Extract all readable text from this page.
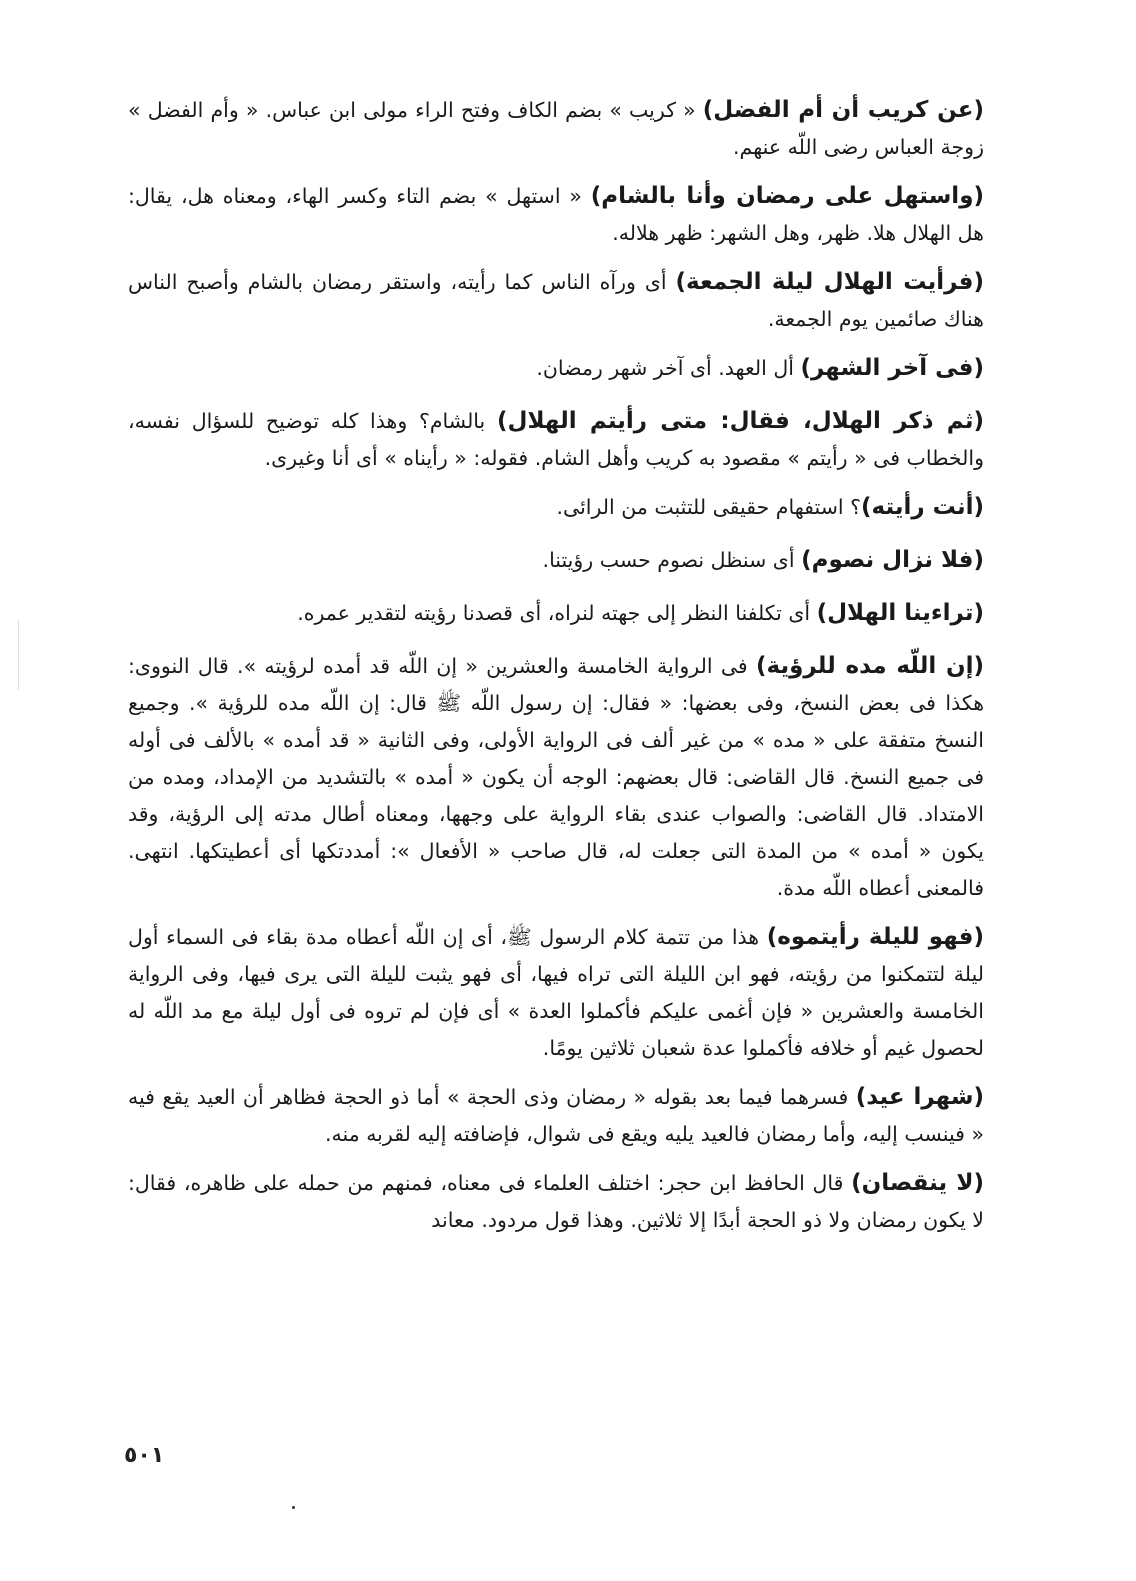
(عن كريب أن أم الفضل) « كريب » بضم الكاف وفتح الراء مولى ابن عباس. « وأم الفضل » زوجة العباس رضى اللّه عنهم.

(واستهل على رمضان وأنا بالشام) « استهل » بضم التاء وكسر الهاء، ومعناه هل، يقال: هل الهلال هلا. ظهر، وهل الشهر: ظهر هلاله.

(فرأيت الهلال ليلة الجمعة) أى ورآه الناس كما رأيته، واستقر رمضان بالشام وأصبح الناس هناك صائمين يوم الجمعة.

(فى آخر الشهر) أل العهد. أى آخر شهر رمضان.

(ثم ذكر الهلال، فقال: متى رأيتم الهلال) بالشام؟ وهذا كله توضيح للسؤال نفسه، والخطاب فى « رأيتم » مقصود به كريب وأهل الشام. فقوله: « رأيناه » أى أنا وغيرى.

(أنت رأيته)؟ استفهام حقيقى للتثبت من الرائى.

(فلا نزال نصوم) أى سنظل نصوم حسب رؤيتنا.

(تراءينا الهلال) أى تكلفنا النظر إلى جهته لنراه، أى قصدنا رؤيته لتقدير عمره.

(إن اللّه مده للرؤية) فى الرواية الخامسة والعشرين « إن اللّه قد أمده لرؤيته ». قال النووى: هكذا فى بعض النسخ، وفى بعضها: « فقال: إن رسول اللّه ﷺ قال: إن اللّه مده للرؤية ». وجميع النسخ متفقة على « مده » من غير ألف فى الرواية الأولى، وفى الثانية « قد أمده » بالألف فى أوله فى جميع النسخ. قال القاضى: قال بعضهم: الوجه أن يكون « أمده » بالتشديد من الإمداد، ومده من الامتداد. قال القاضى: والصواب عندى بقاء الرواية على وجهها، ومعناه أطال مدته إلى الرؤية، وقد يكون « أمده » من المدة التى جعلت له، قال صاحب « الأفعال »: أمددتكها أى أعطيتكها. انتهى. فالمعنى أعطاه اللّه مدة.

(فهو لليلة رأيتموه) هذا من تتمة كلام الرسول ﷺ، أى إن اللّه أعطاه مدة بقاء فى السماء أول ليلة لتتمكنوا من رؤيته، فهو ابن الليلة التى تراه فيها، أى فهو يثبت لليلة التى يرى فيها، وفى الرواية الخامسة والعشرين « فإن أغمى عليكم فأكملوا العدة » أى فإن لم تروه فى أول ليلة مع مد اللّه له لحصول غيم أو خلافه فأكملوا عدة شعبان ثلاثين يومًا.

(شهرا عيد) فسرهما فيما بعد بقوله « رمضان وذى الحجة » أما ذو الحجة فظاهر أن العيد يقع فيه « فينسب إليه، وأما رمضان فالعيد يليه ويقع فى شوال، فإضافته إليه لقربه منه.

(لا ينقصان) قال الحافظ ابن حجر: اختلف العلماء فى معناه، فمنهم من حمله على ظاهره، فقال: لا يكون رمضان ولا ذو الحجة أبدًا إلا ثلاثين. وهذا قول مردود. معاند

٥٠١
